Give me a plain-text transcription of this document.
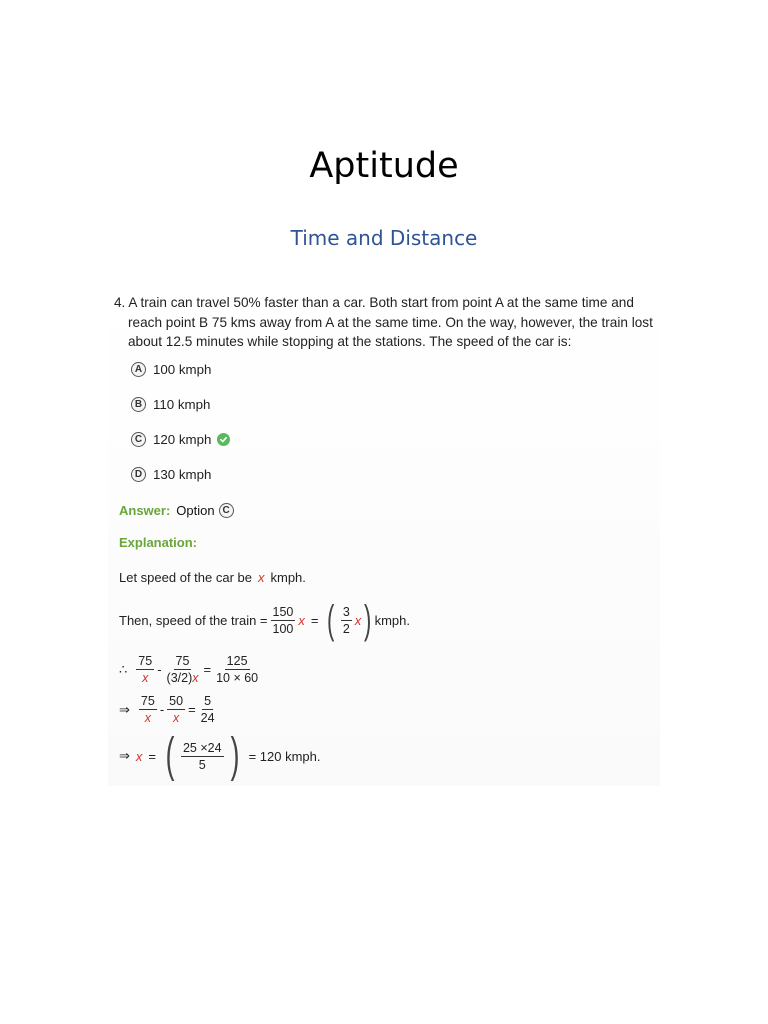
Aptitude
Time and Distance
4. A train can travel 50% faster than a car. Both start from point A at the same time and reach point B 75 kms away from A at the same time. On the way, however, the train lost about 12.5 minutes while stopping at the stations. The speed of the car is:
A 100 kmph
B 110 kmph
C 120 kmph
D 130 kmph
Answer: Option C
Explanation:
Let speed of the car be x kmph.
Then, speed of the train = $\frac{150}{100}$ x = ( $\frac{3}{2}$ x ) kmph.
∴ $\frac{75}{x} - \frac{75}{(3/2)x} = \frac{125}{10 \times 60}$
⇒ $\frac{75}{x} - \frac{50}{x} = \frac{5}{24}$
⇒ x = ( $\frac{25 \times 24}{5}$ ) = 120 kmph.
